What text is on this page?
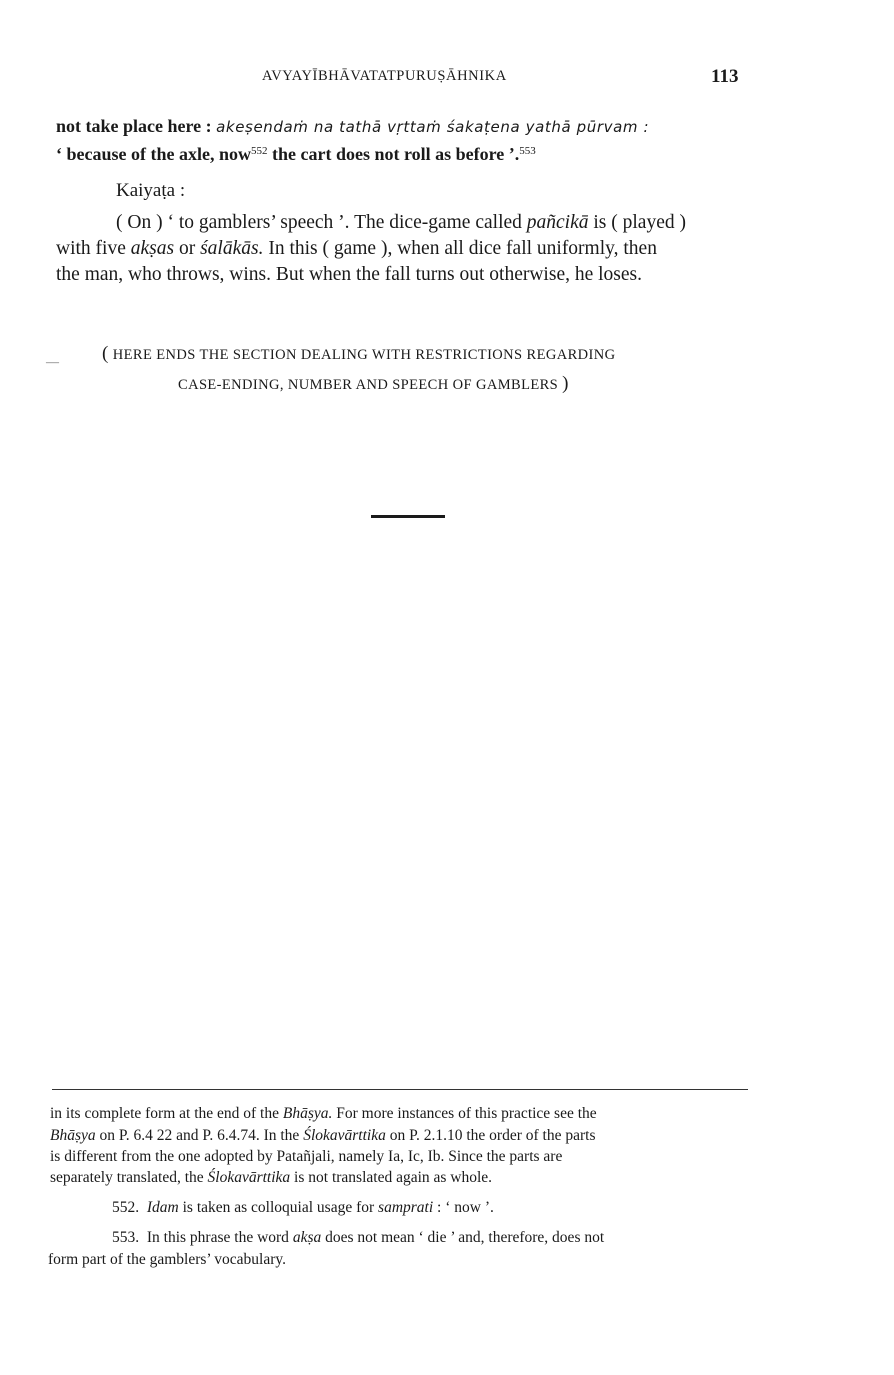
AVYAYĪBHĀVATATPURUṢĀHNIKA	113
not take place here : akeṣendaṁ na tathā vṛttaṁ śakaṭena yathā pūrvam :
‘ because of the axle, now$^{552}$ the cart does not roll as before ’.$^{553}$
Kaiyaṭa :
( On ) ‘ to gamblers’ speech ’. The dice-game called pañcikā is ( played )
with five akṣas or śalākās. In this ( game ), when all dice fall uniformly, then
the man, who throws, wins. But when the fall turns out otherwise, he loses.
— ( HERE ENDS THE SECTION DEALING WITH RESTRICTIONS REGARDING
CASE-ENDING, NUMBER AND SPEECH OF GAMBLERS )
in its complete form at the end of the Bhāṣya. For more instances of this practice see the
Bhāṣya on P. 6.4 22 and P. 6.4.74. In the Ślokavārttika on P. 2.1.10 the order of the parts
is different from the one adopted by Patañjali, namely Ia, Ic, Ib. Since the parts are
separately translated, the Ślokavārttika is not translated again as whole.
552. Idam is taken as colloquial usage for samprati : ‘ now ’.
553. In this phrase the word akṣa does not mean ‘ die ’ and, therefore, does not
form part of the gamblers’ vocabulary.
